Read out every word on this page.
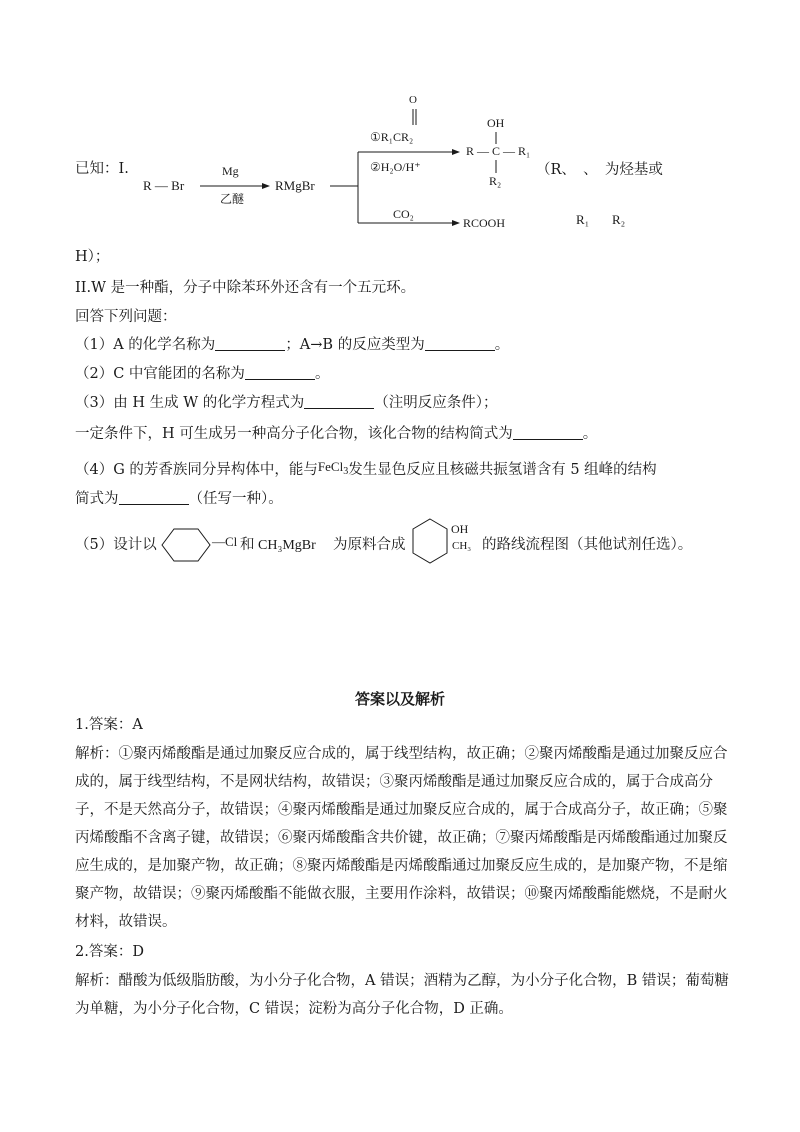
已知：Ⅰ.
R — Br
Mg
乙醚
RMgBr
O
①R₁CR₂
②H₂O/H⁺
OH
R — C — R₁
R₂
（R、　、　为烃基或
CO₂
RCOOH	R₁ R₂
H）；
II.W 是一种酯，分子中除苯环外还含有一个五元环。
回答下列问题：
（1）A 的化学名称为	；A→B 的反应类型为	。
（2）C 中官能团的名称为	。
（3）由 H 生成 W 的化学方程式为	（注明反应条件）；
一定条件下，H 可生成另一种高分子化合物，该化合物的结构简式为	。
（4）G 的芳香族同分异构体中，能与FeCl$_3$发生显色反应且核磁共振氢谱含有 5 组峰的结构
简式为	（任写一种）。
（5）设计以	—Cl 和 CH₃MgBr 为原料合成
OH
CH₃ 的路线流程图（其他试剂任选）。
答案以及解析
1.答案：A
解析：①聚丙烯酸酯是通过加聚反应合成的，属于线型结构，故正确；②聚丙烯酸酯是通过加聚反应合成的，属于线型结构，不是网状结构，故错误；③聚丙烯酸酯是通过加聚反应合成的，属于合成高分子，不是天然高分子，故错误；④聚丙烯酸酯是通过加聚反应合成的，属于合成高分子，故正确；⑤聚丙烯酸酯不含离子键，故错误；⑥聚丙烯酸酯含共价键，故正确；⑦聚丙烯酸酯是丙烯酸酯通过加聚反应生成的，是加聚产物，故正确；⑧聚丙烯酸酯是丙烯酸酯通过加聚反应生成的，是加聚产物，不是缩聚产物，故错误；⑨聚丙烯酸酯不能做衣服，主要用作涂料，故错误；⑩聚丙烯酸酯能燃烧，不是耐火材料，故错误。
2.答案：D
解析：醋酸为低级脂肪酸，为小分子化合物，A 错误；酒精为乙醇，为小分子化合物，B 错误；葡萄糖为单糖，为小分子化合物，C 错误；淀粉为高分子化合物，D 正确。
